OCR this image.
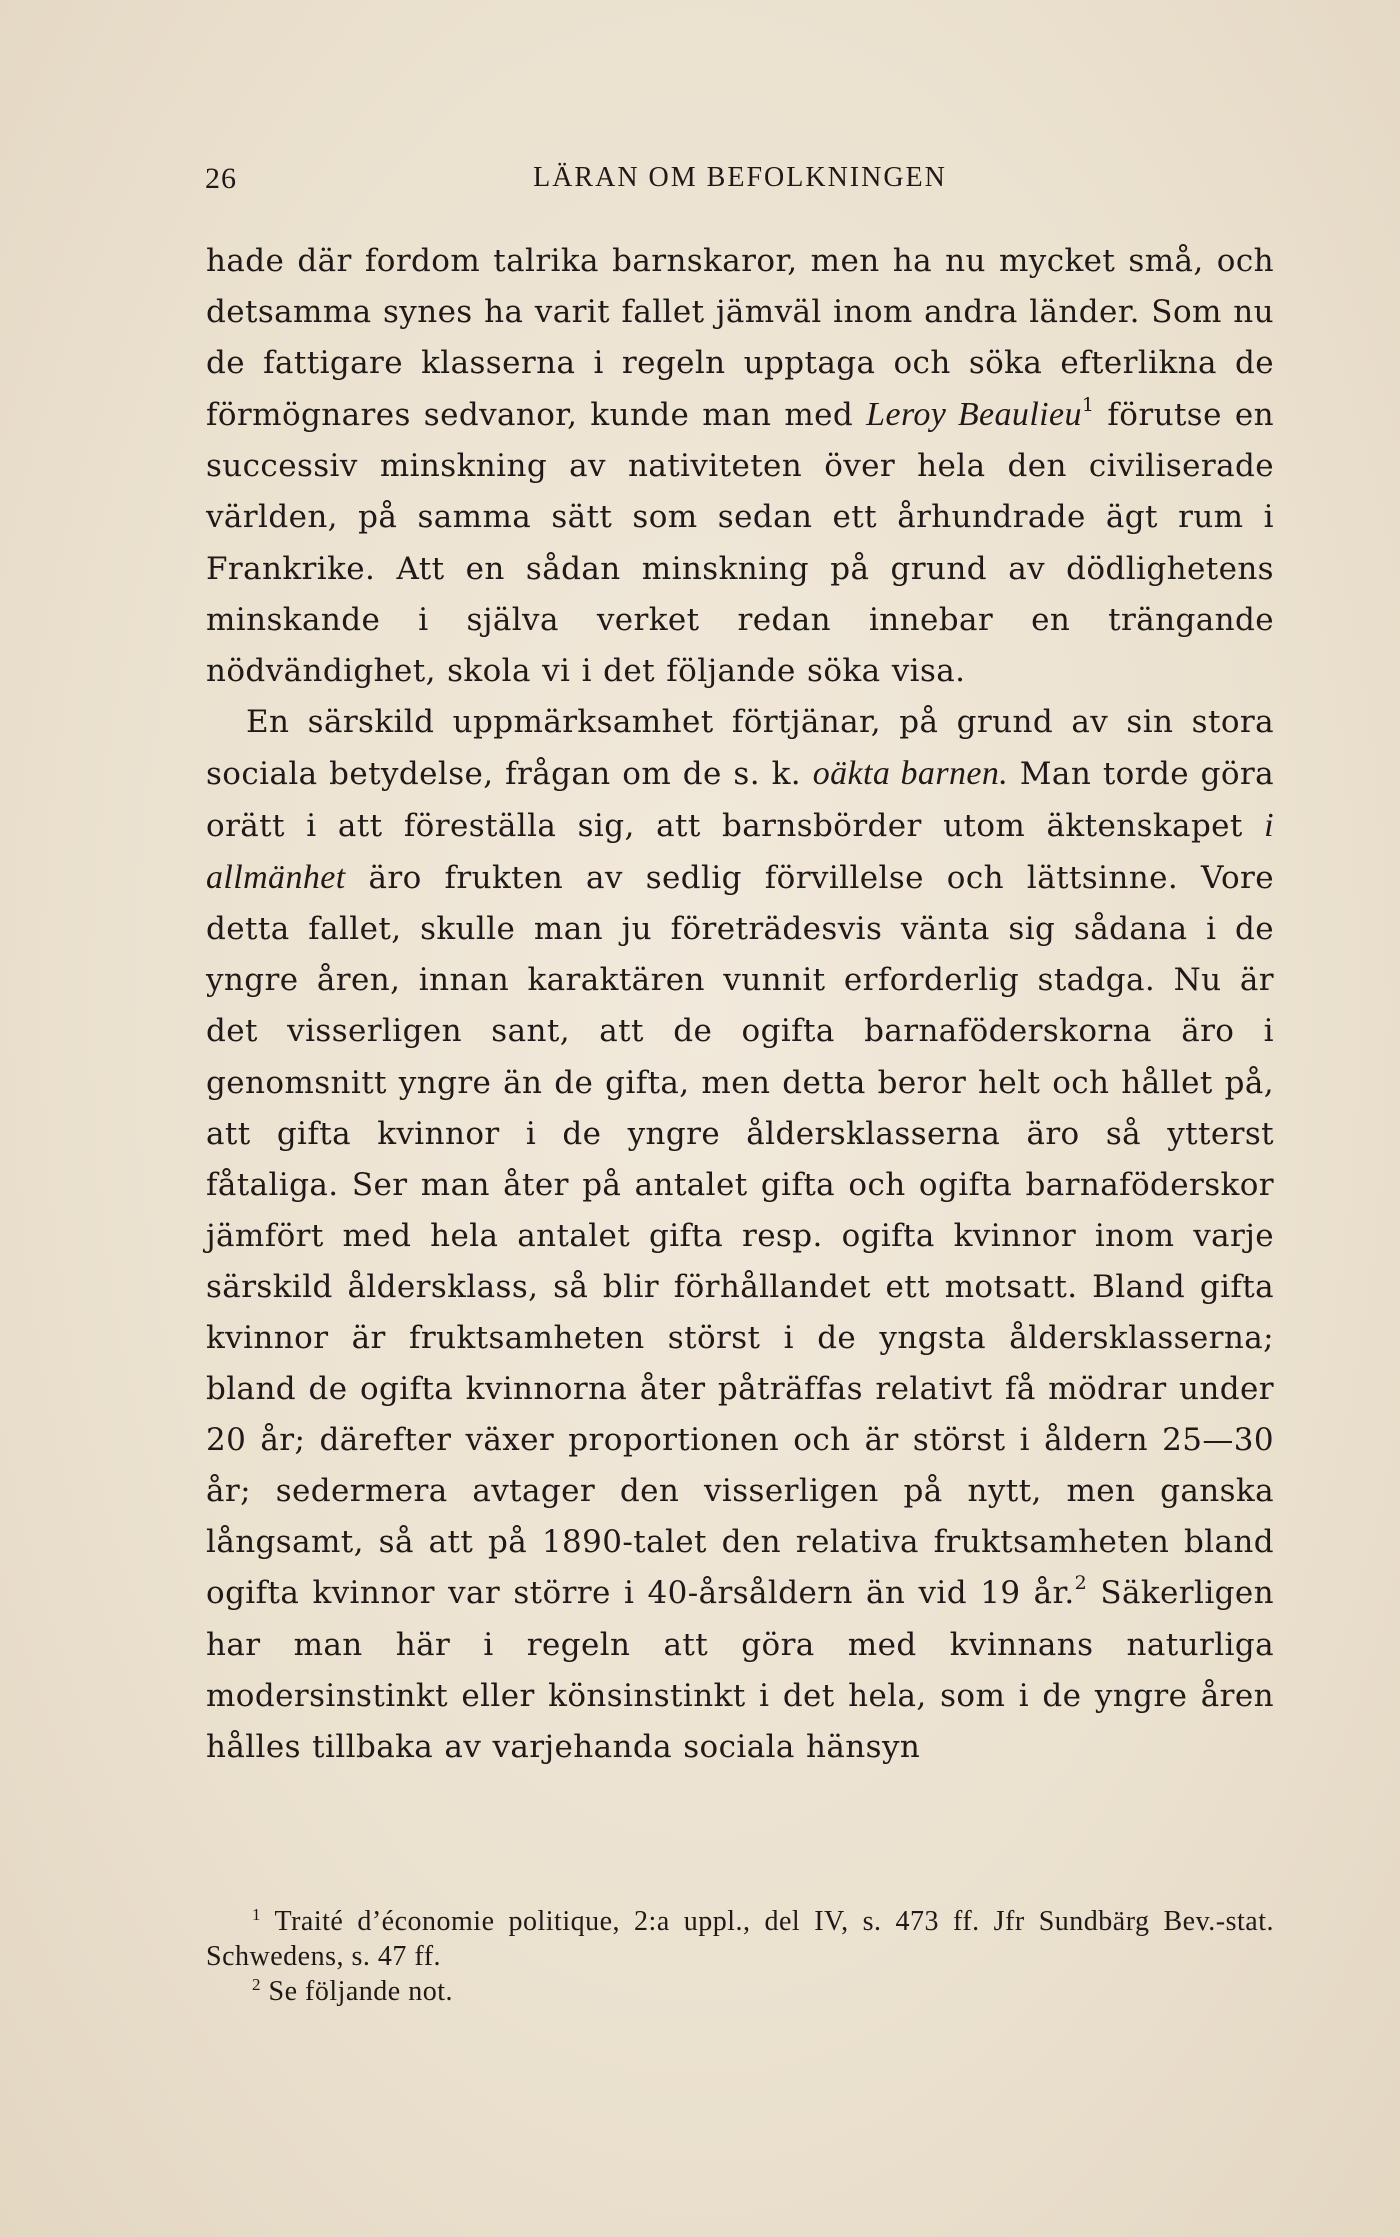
26	LÄRAN OM BEFOLKNINGEN

hade där fordom talrika barnskaror, men ha nu mycket små, och detsamma synes ha varit fallet jämväl inom andra länder. Som nu de fattigare klasserna i regeln upptaga och söka efterlikna de förmögnares sedvanor, kunde man med Leroy Beaulieu$^1$ förutse en successiv minskning av nativiteten över hela den civiliserade världen, på samma sätt som sedan ett århundrade ägt rum i Frankrike. Att en sådan minskning på grund av dödlighetens minskande i själva verket redan innebar en trängande nödvändighet, skola vi i det följande söka visa.

En särskild uppmärksamhet förtjänar, på grund av sin stora sociala betydelse, frågan om de s. k. oäkta barnen. Man torde göra orätt i att föreställa sig, att barnsbörder utom äktenskapet i allmänhet äro frukten av sedlig förvillelse och lättsinne. Vore detta fallet, skulle man ju företrädesvis vänta sig sådana i de yngre åren, innan karaktären vunnit erforderlig stadga. Nu är det visserligen sant, att de ogifta barnaföderskorna äro i genomsnitt yngre än de gifta, men detta beror helt och hållet på, att gifta kvinnor i de yngre åldersklasserna äro så ytterst fåtaliga. Ser man åter på antalet gifta och ogifta barnaföderskor jämfört med hela antalet gifta resp. ogifta kvinnor inom varje särskild åldersklass, så blir förhållandet ett motsatt. Bland gifta kvinnor är fruktsamheten störst i de yngsta åldersklasserna; bland de ogifta kvinnorna åter påträffas relativt få mödrar under 20 år; därefter växer proportionen och är störst i åldern 25—30 år; sedermera avtager den visserligen på nytt, men ganska långsamt, så att på 1890-talet den relativa fruktsamheten bland ogifta kvinnor var större i 40-årsåldern än vid 19 år.$^2$ Säkerligen har man här i regeln att göra med kvinnans naturliga modersinstinkt eller könsinstinkt i det hela, som i de yngre åren hålles tillbaka av varjehanda sociala hänsyn

$^1$ Traité d’économie politique, 2:a uppl., del IV, s. 473 ff. Jfr Sundbärg Bev.-stat. Schwedens, s. 47 ff.

$^2$ Se följande not.
